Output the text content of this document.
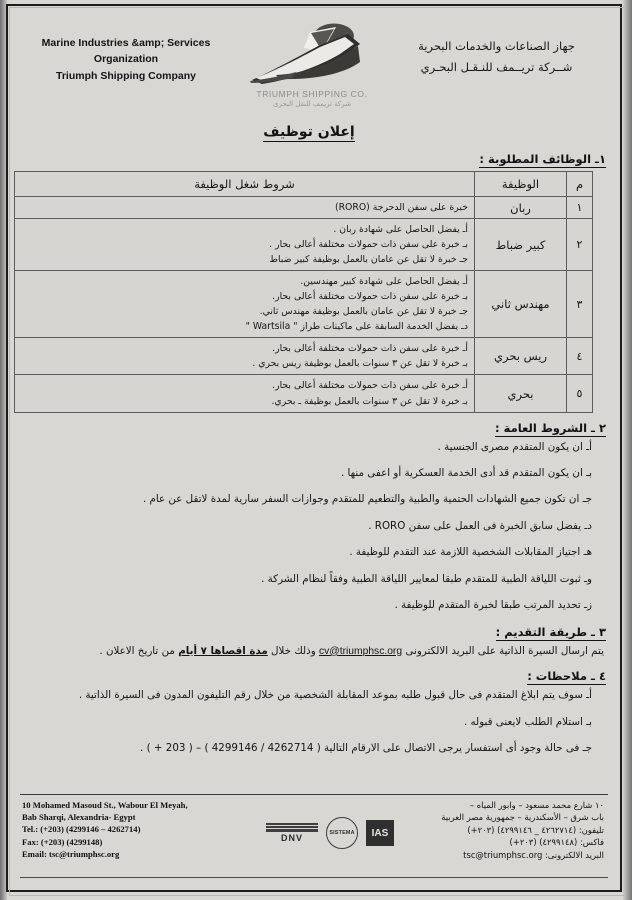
Marine Industries &amp; Services
Organization
Triumph Shipping Company
TRIUMPH SHIPPING CO.
شركة تريمف للنقل البحرى
جهاز الصناعات والخدمات البحرية
شــركة تريــمف للنـقـل البحـري
إعلان توظيف
١ـ الوظائف المطلوبة :
م	الوظيفة	شروط شغل الوظيفة
١	ربان	خبرة على سفن الدحرجة (RORO)

٢	كبير ضباط	أـ يفضل الحاصل على شهادة ربان .
بـ خبرة على سفن ذات حمولات مختلفة أعالى بحار .
جـ خبرة لا تقل عن عامان بالعمل بوظيفة كبير ضباط

٣	مهندس ثاني	أـ يفضل الحاصل على شهادة كبير مهندسين.
بـ خبرة على سفن ذات حمولات مختلفة أعالى بحار.
جـ خبرة لا تقل عن عامان بالعمل بوظيفة مهندس ثاني.
دـ يفضل الخدمة السابقة على ماكينات طراز " Wartsila "

٤	ريس بحري	أـ خبرة على سفن ذات حمولات مختلفة أعالى بحار.
بـ خبرة لا تقل عن ٣ سنوات بالعمل بوظيفة ريس بحري .

٥	بحري	أـ خبرة على سفن ذات حمولات مختلفة أعالى بحار.
بـ خبرة لا تقل عن ٣ سنوات بالعمل بوظيفة ـ بحري.
٢ ـ الشروط العامة :
أـ ان يكون المتقدم مصرى الجنسية .
بـ ان يكون المتقدم قد أدى الخدمة العسكرية أو اعفى منها .
جـ ان تكون جميع الشهادات الحتمية والطبية والتطعيم للمتقدم وجوازات السفر سارية لمدة لاتقل عن عام .
دـ يفضل سابق الخبرة فى العمل على سفن RORO .
هـ اجتياز المقابلات الشخصية اللازمة عند التقدم للوظيفة .
وـ ثبوت اللياقة الطبية للمتقدم طبقا لمعايير اللياقة الطبية وفقاً لنظام الشركة .
زـ تحديد المرتب طبقا لخبرة المتقدم للوظيفة .
٣ ـ طريقة التقديم :
يتم ارسال السيرة الذاتية على البريد الالكترونى cv@triumphsc.org وذلك خلال مدة اقصاها ٧ أيام من تاريخ الاعلان .
٤ ـ ملاحظات :
أـ سوف يتم ابلاغ المتقدم فى حال قبول طلبه بموعد المقابلة الشخصية من خلال رقم التليفون المدون فى السيرة الذاتية .
بـ استلام الطلب لايعنى قبوله .
جـ فى حالة وجود أى استفسار يرجى الاتصال على الارقام التالية ( 4262714 / 4299146 ) – ( 203 + ) .
10 Mohamed Masoud St., Wabour El Meyah,
Bab Sharqi, Alexandria- Egypt
Tel.: (+203) (4299146 – 4262714)
Fax: (+203) (4299148)
Email: tsc@triumphsc.org
DNV
SISTEMA IAS
١٠ شارع محمد مسعود – وابور المياه –
باب شرق – الأسكندرية – جمهورية مصر العربية
تليفون: (٤٢٦٢٧١٤ _ ٤٢٩٩١٤٦) (٢٠٣+)
فاكس: (٤٢٩٩١٤٨) (٢٠٣+)
البريد الالكترونى: tsc@triumphsc.org
